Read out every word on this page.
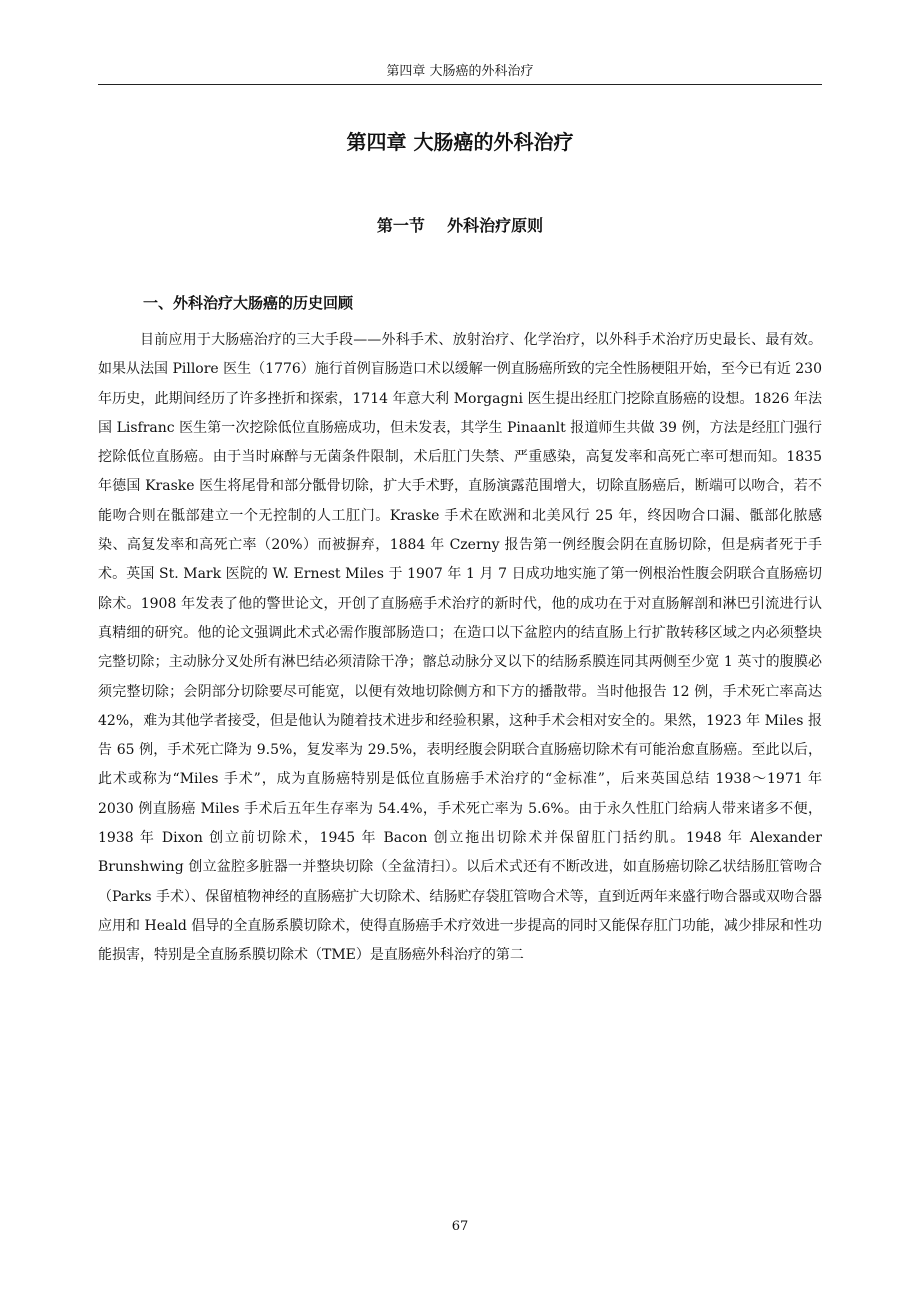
第四章 大肠癌的外科治疗
第四章 大肠癌的外科治疗
第一节    外科治疗原则
一、外科治疗大肠癌的历史回顾

目前应用于大肠癌治疗的三大手段——外科手术、放射治疗、化学治疗，以外科手术治疗历史最长、最有效。如果从法国 Pillore 医生（1776）施行首例盲肠造口术以缓解一例直肠癌所致的完全性肠梗阻开始，至今已有近 230 年历史，此期间经历了许多挫折和探索，1714 年意大利 Morgagni 医生提出经肛门挖除直肠癌的设想。1826 年法国 Lisfranc 医生第一次挖除低位直肠癌成功，但未发表，其学生 Pinaanlt 报道师生共做 39 例，方法是经肛门强行挖除低位直肠癌。由于当时麻醉与无菌条件限制，术后肛门失禁、严重感染，高复发率和高死亡率可想而知。1835 年德国 Kraske 医生将尾骨和部分骶骨切除，扩大手术野，直肠演露范围增大，切除直肠癌后，断端可以吻合，若不能吻合则在骶部建立一个无控制的人工肛门。Kraske 手术在欧洲和北美风行 25 年，终因吻合口漏、骶部化脓感染、高复发率和高死亡率（20%）而被摒弃，1884 年 Czerny 报告第一例经腹会阴在直肠切除，但是病者死于手术。英国 St. Mark 医院的 W. Ernest Miles 于 1907 年 1 月 7 日成功地实施了第一例根治性腹会阴联合直肠癌切除术。1908 年发表了他的警世论文，开创了直肠癌手术治疗的新时代，他的成功在于对直肠解剖和淋巴引流进行认真精细的研究。他的论文强调此术式必需作腹部肠造口；在造口以下盆腔内的结直肠上行扩散转移区域之内必须整块完整切除；主动脉分叉处所有淋巴结必须清除干净；髂总动脉分叉以下的结肠系膜连同其两侧至少宽 1 英寸的腹膜必须完整切除；会阴部分切除要尽可能宽，以便有效地切除侧方和下方的播散带。当时他报告 12 例，手术死亡率高达 42%，难为其他学者接受，但是他认为随着技术进步和经验积累，这种手术会相对安全的。果然，1923 年 Miles 报告 65 例，手术死亡降为 9.5%，复发率为 29.5%，表明经腹会阴联合直肠癌切除术有可能治愈直肠癌。至此以后，此术或称为“Miles 手术”，成为直肠癌特别是低位直肠癌手术治疗的“金标准”，后来英国总结 1938～1971 年 2030 例直肠癌 Miles 手术后五年生存率为 54.4%，手术死亡率为 5.6%。由于永久性肛门给病人带来诸多不便，1938 年 Dixon 创立前切除术，1945 年 Bacon 创立拖出切除术并保留肛门括约肌。1948 年 Alexander Brunshwing 创立盆腔多脏器一并整块切除（全盆清扫）。以后术式还有不断改进，如直肠癌切除乙状结肠肛管吻合（Parks 手术）、保留植物神经的直肠癌扩大切除术、结肠贮存袋肛管吻合术等，直到近两年来盛行吻合器或双吻合器应用和 Heald 倡导的全直肠系膜切除术，使得直肠癌手术疗效进一步提高的同时又能保存肛门功能，减少排尿和性功能损害，特别是全直肠系膜切除术（TME）是直肠癌外科治疗的第二

67
